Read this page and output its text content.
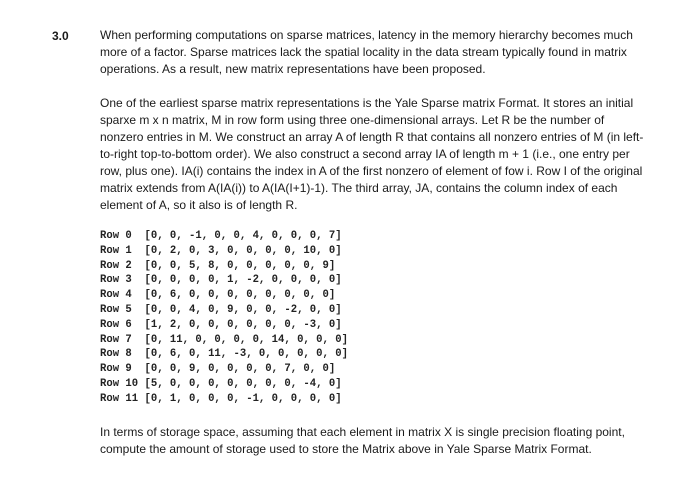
3.0	When performing computations on sparse matrices, latency in the memory hierarchy becomes much more of a factor. Sparse matrices lack the spatial locality in the data stream typically found in matrix operations. As a result, new matrix representations have been proposed.

One of the earliest sparse matrix representations is the Yale Sparse matrix Format. It stores an initial sparxe m x n matrix, M in row form using three one-dimensional arrays. Let R be the number of nonzero entries in M. We construct an array A of length R that contains all nonzero entries of M (in left-to-right top-to-bottom order). We also construct a second array IA of length m + 1 (i.e., one entry per row, plus one). IA(i) contains the index in A of the first nonzero of element of fow i. Row I of the original matrix extends from A(IA(i)) to A(IA(I+1)-1). The third array, JA, contains the column index of each element of A, so it also is of length R.

Row 0  [0, 0, -1, 0, 0, 4, 0, 0, 0, 7]
Row 1  [0, 2, 0, 3, 0, 0, 0, 0, 10, 0]
Row 2  [0, 0, 5, 8, 0, 0, 0, 0, 0, 9]
Row 3  [0, 0, 0, 0, 1, -2, 0, 0, 0, 0]
Row 4  [0, 6, 0, 0, 0, 0, 0, 0, 0, 0]
Row 5  [0, 0, 4, 0, 9, 0, 0, -2, 0, 0]
Row 6  [1, 2, 0, 0, 0, 0, 0, 0, -3, 0]
Row 7  [0, 11, 0, 0, 0, 0, 14, 0, 0, 0]
Row 8  [0, 6, 0, 11, -3, 0, 0, 0, 0, 0]
Row 9  [0, 0, 9, 0, 0, 0, 0, 7, 0, 0]
Row 10 [5, 0, 0, 0, 0, 0, 0, 0, -4, 0]
Row 11 [0, 1, 0, 0, 0, -1, 0, 0, 0, 0]

In terms of storage space, assuming that each element in matrix X is single precision floating point, compute the amount of storage used to store the Matrix above in Yale Sparse Matrix Format.
